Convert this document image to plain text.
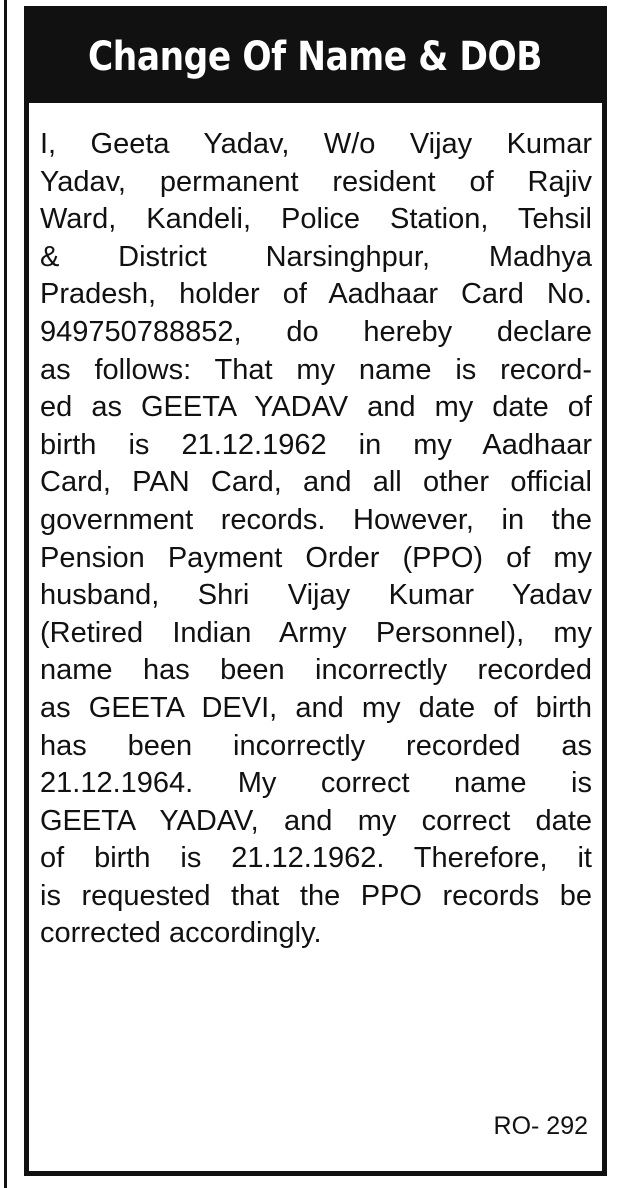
Change Of Name & DOB
I, Geeta Yadav, W/o Vijay Kumar
Yadav, permanent resident of Rajiv
Ward, Kandeli, Police Station, Tehsil
& District Narsinghpur, Madhya
Pradesh, holder of Aadhaar Card No.
949750788852, do hereby declare
as follows: That my name is record-
ed as GEETA YADAV and my date of
birth is 21.12.1962 in my Aadhaar
Card, PAN Card, and all other official
government records. However, in the
Pension Payment Order (PPO) of my
husband, Shri Vijay Kumar Yadav
(Retired Indian Army Personnel), my
name has been incorrectly recorded
as GEETA DEVI, and my date of birth
has been incorrectly recorded as
21.12.1964. My correct name is
GEETA YADAV, and my correct date
of birth is 21.12.1962. Therefore, it
is requested that the PPO records be
corrected accordingly.
RO- 292
